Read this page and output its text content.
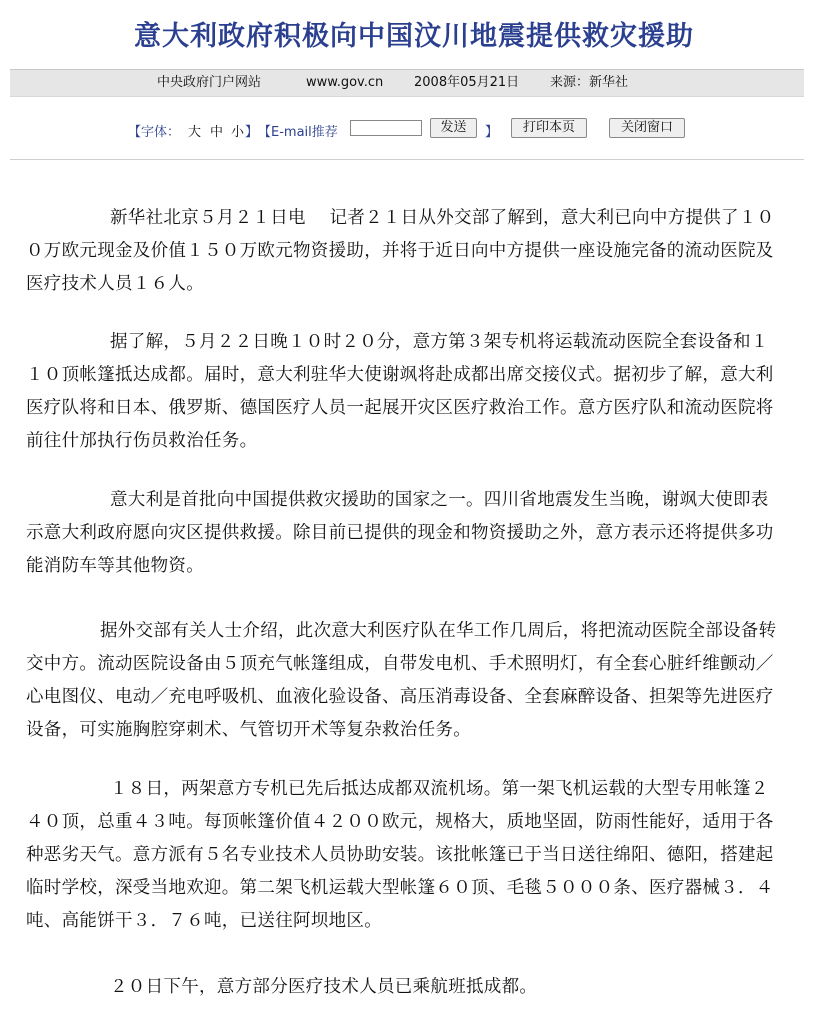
意大利政府积极向中国汶川地震提供救灾援助
中央政府门户网站	www.gov.cn 2008年05月21日 来源：新华社
【字体： 大 中 小 】 【E-mail推荐	发送	】	打印本页	关闭窗口

新华社北京５月２１日电　 记者２１日从外交部了解到，意大利已向中方提供了１００万欧元现金及价值１５０万欧元物资援助，并将于近日向中方提供一座设施完备的流动医院及医疗技术人员１６人。

据了解，５月２２日晚１０时２０分，意方第３架专机将运载流动医院全套设备和１１０顶帐篷抵达成都。届时，意大利驻华大使谢飒将赴成都出席交接仪式。据初步了解，意大利医疗队将和日本、俄罗斯、德国医疗人员一起展开灾区医疗救治工作。意方医疗队和流动医院将前往什邡执行伤员救治任务。

意大利是首批向中国提供救灾援助的国家之一。四川省地震发生当晚，谢飒大使即表示意大利政府愿向灾区提供救援。除目前已提供的现金和物资援助之外，意方表示还将提供多功能消防车等其他物资。

据外交部有关人士介绍，此次意大利医疗队在华工作几周后，将把流动医院全部设备转交中方。流动医院设备由５顶充气帐篷组成，自带发电机、手术照明灯，有全套心脏纤维颤动／心电图仪、电动／充电呼吸机、血液化验设备、高压消毒设备、全套麻醉设备、担架等先进医疗设备，可实施胸腔穿刺术、气管切开术等复杂救治任务。

１８日，两架意方专机已先后抵达成都双流机场。第一架飞机运载的大型专用帐篷２４０顶，总重４３吨。每顶帐篷价值４２００欧元，规格大，质地坚固，防雨性能好，适用于各种恶劣天气。意方派有５名专业技术人员协助安装。该批帐篷已于当日送往绵阳、德阳，搭建起临时学校，深受当地欢迎。第二架飞机运载大型帐篷６０顶、毛毯５０００条、医疗器械３．４吨、高能饼干３．７６吨，已送往阿坝地区。

２０日下午，意方部分医疗技术人员已乘航班抵成都。
